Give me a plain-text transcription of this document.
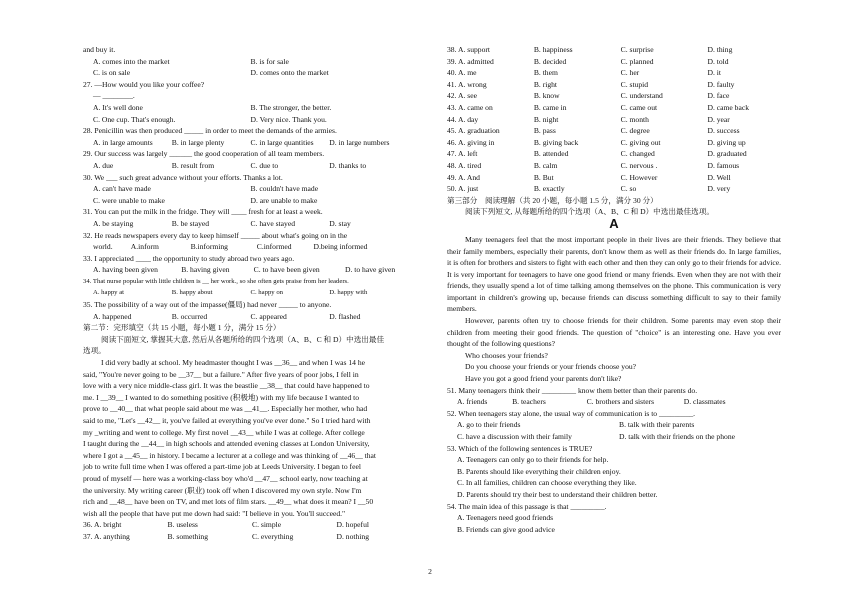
and buy it.
A. comes into the market	B. is for sale
C. is on sale	D. comes onto the market
27. —How would you like your coffee?
— ________.
A. It's well done	B. The stronger, the better.
C. One cup. That's enough.	D. Very nice. Thank you.
28. Penicillin was then produced _____ in order to meet the demands of the armies.
A. in large amounts	B. in large plenty	C. in large quantities	D. in large numbers
29. Our success was largely ______ the good cooperation of all team members.
A. due	B. result from	C. due to	D. thanks to
30. We ___ such great advance without your efforts. Thanks a lot.
A. can't have made	B. couldn't have made
C. were unable to make	D. are unable to make
31. You can put the milk in the fridge. They will ____ fresh for at least a week.
A. be staying	B. be stayed	C. have stayed	D. stay
32. He reads newspapers every day to keep himself _____ about what's going on in the
world.	A.inform	B.informing	C.informed	D.being informed
33. I appreciated ____ the opportunity to study abroad two years ago.
A. having been given	B. having given	C. to have been given	D. to have given
34. That nurse popular with little children is __ her work., so she often gets praise from her leaders.
A. happy at	B. happy about	C. happy on	D. happy with
35. The possibility of a way out of the impasse(僵局) had never _____ to anyone.
A. happened	B. occurred	C. appeared	D. flashed
第二节：完形填空（共 15 小题，每小题 1 分，满分 15 分）
阅读下面短文, 掌握其大意, 然后从各题所给的四个选项（A、B、C 和 D）中选出最佳
选项。
I did very badly at school. My headmaster thought I was __36__ and when I was 14 he
said, "You're never going to be __37__ but a failure." After five years of poor jobs, I fell in
love with a very nice middle-class girl. It was the beastlie __38__ that could have happened to
me. I __39__ I wanted to do something positive (积极地) with my life because I wanted to
prove to __40__ that what people said about me was __41__. Especially her mother, who had
said to me, "Let's __42__ it, you've failed at everything you've ever done." So I tried hard with
my _writing and went to college. My first novel __43__ while I was at college. After college
I taught during the __44__ in high schools and attended evening classes at London University,
where I got a __45__ in history. I became a lecturer at a college and was thinking of __46__ that
job to write full time when I was offered a part-time job at Leeds University. I began to feel
proud of myself — here was a working-class boy who'd __47__ school early, now teaching at
the university. My writing career (职业) took off when I discovered my own style. Now I'm
rich and __48__ have been on TV, and met lots of film stars. __49__ what does it mean? I __50
wish all the people that have put me down had said: "I believe in you. You'll succeed."
36. A. bright	B. useless	C. simple	D. hopeful
37. A. anything	B. something	C. everything	D. nothing
38. A. support	B. happiness	C. surprise	D. thing
39. A. admitted	B. decided	C. planned	D. told
40. A. me	B. them	C. her	D. it
41. A. wrong	B. right	C. stupid	D. faulty
42. A. see	B. know	C. understand	D. face
43. A. came on	B. came in	C. came out	D. came back
44. A. day	B. night	C. month	D. year
45. A. graduation	B. pass	C. degree	D. success
46. A. giving in	B. giving back	C. giving out	D. giving up
47. A. left	B. attended	C. changed	D. graduated
48. A. tired	B. calm	C. nervous .	D. famous
49. A. And	B. But	C. However	D. Well
50. A. just	B. exactly	C. so	D. very
第三部分　阅读理解（共 20 小题，每小题 1.5 分，满分 30 分）
阅读下列短文, 从每题所给的四个选项（A、B、C 和 D）中选出最佳选项。
A
Many teenagers feel that the most important people in their lives are their friends. They believe that their family members, especially their parents, don't know them as well as their friends do. In large families, it is often for brothers and sisters to fight with each other and then they can only go to their friends for advice. It is very important for teenagers to have one good friend or many friends. Even when they are not with their friends, they usually spend a lot of time talking among themselves on the phone. This communication is very important in children's growing up, because friends can discuss something difficult to say to their family members.
However, parents often try to choose friends for their children. Some parents may even stop their children from meeting their good friends. The question of "choice" is an interesting one. Have you ever thought of the following questions?
Who chooses your friends?
Do you choose your friends or your friends choose you?
Have you got a good friend your parents don't like?
51. Many teenagers think their _________ know them better than their parents do.
A. friends	B. teachers	C. brothers and sisters	D. classmates
52. When teenagers stay alone, the usual way of communication is to _________.
A. go to their friends	B. talk with their parents
C. have a discussion with their family	D. talk with their friends on the phone
53. Which of the following sentences is TRUE?
A. Teenagers can only go to their friends for help.
B. Parents should like everything their children enjoy.
C. In all families, children can choose everything they like.
D. Parents should try their best to understand their children better.
54. The main idea of this passage is that _________.
A. Teenagers need good friends
B. Friends can give good advice
2
